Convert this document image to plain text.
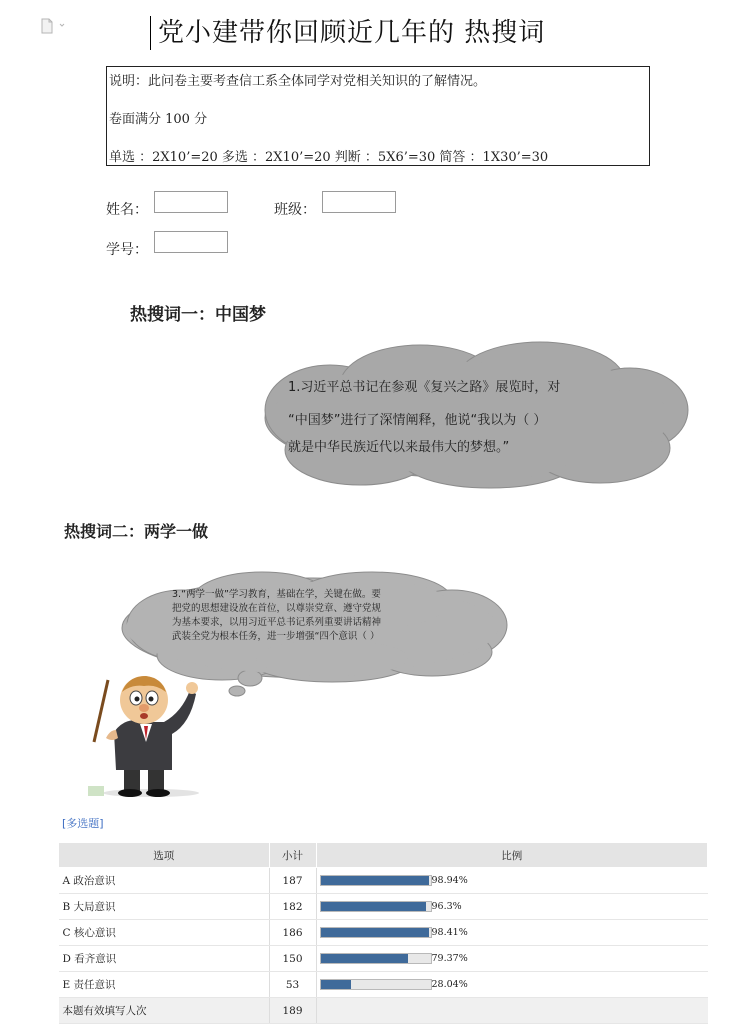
党小建带你回顾近几年的 热搜词
说明：此问卷主要考查信工系全体同学对党相关知识的了解情况。
卷面满分 100 分
单选 ：2X10’=20 多选 ：2X10’=20 判断 ：5X6’=30 简答 ：1X30’=30
姓名：	班级：
学号：
热搜词一：中国梦
1.习近平总书记在参观《复兴之路》展览时，对
“中国梦”进行了深情阐释，他说“我以为（ ）
就是中华民族近代以来最伟大的梦想。”
热搜词二：两学一做
3.“两学一做”学习教育，基础在学，关键在做。要
把党的思想建设放在首位，以尊崇党章、遵守党规
为基本要求，以用习近平总书记系列重要讲话精神
武装全党为根本任务，进一步增强“四个意识（ ）
[多选题]
选项	小计	比例
A 政治意识	187	98.94%

B 大局意识	182	96.3%

C 核心意识	186	98.41%

D 看齐意识	150	79.37%

E 责任意识	53	28.04%

本题有效填写人次	189	
